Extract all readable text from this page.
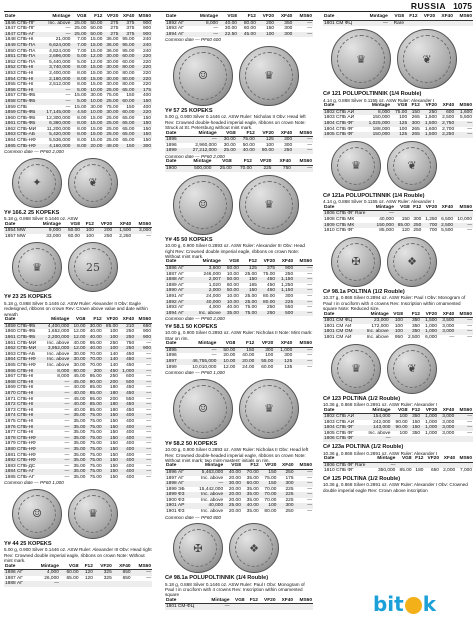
RUSSIA 1075
Date	Mintage	VG8	F12	VF20	XF40	MS60
1846 СПБ-ПГ	Inc. above	25.00	50.00	275	375	900
1847 СПБ-ПГ	—	25.00	50.00	275	375	900
1847 СПБ-АГ	—	25.00	50.00	275	375	900
1848 СПБ-НІ	21,000	7.00	15.00	36.00	95.00	240
1849 СПБ-ПА	6,624,000	7.00	15.00	36.00	95.00	240
1850 СПБ-ПА	4,824,000	7.00	15.00	36.00	95.00	240
1851 СПБ-ПА	2,696,000	5.00	12.00	30.00	60.00	220
1852 СПБ-ПА	5,440,000	5.00	12.00	30.00	60.00	220
1852 СПБ-НІ	3,740,000	8.00	15.00	30.00	80.00	220
1853 СПБ-НІ	2,400,000	8.00	15.00	30.00	80.00	220
1854 СПБ-НІ	2,160,000	8.00	15.00	30.00	80.00	220
1855 СПБ-НІ	2,512,000	8.00	15.00	30.00	80.00	220
1856 СПБ-НІ	—	5.00	10.00	25.00	65.00	175
1857 СПБ-ФБ	—	15.00	30.00	75.00	150	400
1858 СПБ-ФБ	—	5.00	10.00	25.00	60.00	150
1859 СПБ	—	15.00	30.00	75.00	150	400
1859 СПБ-ФБ	17,145,000	4.50	10.00	30.00	60.00	220
1860 СПБ-ФБ	12,300,000	8.00	15.00	25.00	65.00	150
1861 СПБ-ФБ	6,360,000	8.00	15.00	25.00	65.00	150
1862 СПБ-МИ	11,200,000	8.00	15.00	25.00	65.00	150
1863 СПБ-АБ	5,420,000	8.00	15.00	25.00	65.00	150
1864 СПБ-НФ	5,536,000	8.00	15.00	25.00	65.00	150
1865 СПБ-НФ	4,160,000	8.00	20.00	48.00	150	300
Common date — PF60 2,000
✦	❦
Y# 166.2 25 KOPEKS
5.18 g, 0.868 Silver 0.1446 oz. ASW
Date	Mintage	VG8	F12	VF20	XF40	MS60
1854 MW	9,000	50.00	100	200	1,500	3,000
1857 MW	33,000	60.00	100	250	2,250	—
♛	25
Y# 23 25 KOPEKS
5.18 g, 0.868 Silver 0.1446 oz. ASW Ruler: Alexander II Obv: Eagle redesigned, ribbons on crown Rev: Crown above value and date within wreath
Date	Mintage	VG8	F12	VF20	XF40	MS60
1859 СПБ-ФБ	4,400,000	10.00	30.00	85.00	210	650
1860 СПБ-ФБ	1,652,000	12.00	40.00	100	250	900
1861 СПБ-ФБ	2,200,000	12.00	40.00	100	250	900
1861 СПБ-МИ	Inc. above	40.00	95.00	250	750	—
1862 СПБ-МИ	3,952,000	12.00	40.00	100	250	900
1863 СПБ-АБ	Inc. above	30.00	70.00	140	450	—
1864 СПБ-НФ	Inc. above	30.00	70.00	140	450	—
1865 СПБ-НФ	Inc. above	30.00	70.00	140	450	—
1866 СПБ-НІ	8,000	80.00	200	450	1,000	—
1867 СПБ-НІ	8,000	45.00	95.00	250	600	—
1868 СПБ-НІ	—	45.00	90.00	200	500	—
1869 СПБ-НІ	—	40.00	85.00	180	450	—
1870 СПБ-НІ	—	40.00	85.00	180	450	—
1871 СПБ-НІ	—	45.00	95.00	200	550	—
1872 СПБ-НІ	—	40.00	85.00	180	450	—
1873 СПБ-НІ	—	40.00	85.00	180	450	—
1874 СПБ-НІ	—	35.00	75.00	150	400	—
1875 СПБ-НІ	—	35.00	75.00	150	400	—
1876 СПБ-НІ	—	35.00	75.00	150	400	—
1877 СПБ-НІ	—	35.00	75.00	150	400	—
1878 СПБ-НФ	—	35.00	75.00	150	400	—
1879 СПБ-НФ	—	35.00	75.00	150	400	—
1880 СПБ-НФ	—	35.00	75.00	150	400	—
1881 СПБ-НФ	—	35.00	75.00	150	400	—
1882 СПБ-НФ	—	35.00	75.00	150	400	—
1883 СПБ-ДС	—	35.00	75.00	150	400	—
1884 СПБ-АГ	—	35.00	75.00	150	400	—
1885 СПБ-АГ	—	35.00	75.00	150	400	—
Common date — PF60 1,000
☺	♛
Y# 44 25 KOPEKS
5.00 g, 0.900 Silver 0.1446 oz. ASW Ruler: Alexander III Obv: Head right Rev: Crowned double imperial eagle, ribbons on crown Note: Without mint mark.
Date	Mintage	VG8	F12	VF20	XF40	MS60
1886 АГ	4,000	60.00	120	325	650	—
1887 АГ	26,000	65.00	120	325	650	—
1888 АГ	—					
Date	Mintage	VG8	F12	VF20	XF40	MS60
1892 АГ	8,000	40.00	80.00	200	350	—
1893 АГ	—	30.00	60.00	150	300	—
1894 АГ	—	22.50	45.00	100	300	—
Common date — PF60 600
☺	♛
Y# 57 25 KOPEKS
5.00 g, 0.900 Silver 0.1446 oz. ASW Ruler: Nicholas II Obv: Head left Rev: Crowned double-headed imperial eagle, ribbons on crown Note: Struck at St. Petersburg without mint mark.
Date	Mintage	VG8	F12	VF20	XF40	MS60
1895	—	30.00	75.00	125	300	—
1896	2,960,000	30.00	50.00	100	300	—
1899	27,212,000	25.00	40.00	80.00	250	—
Common date — PF60 2,000
Date	Mintage	VG8	F12	VF20	XF40	MS60
1900	500,000	25.00	70.00	225	750	—
☺	♛
Y# 45 50 KOPEKS
10.00 g, 0.900 Silver 0.2893 oz. ASW Ruler: Alexander III Obv: Head right Rev: Crowned double imperial eagle, ribbons on crown Note: Without mint mark.
Date	Mintage	VG8	F12	VF20	XF40	MS60
1886 АГ	3,600	50.00	125	375	900	—
1887 АГ	246,000	10.00	25.00	75.00	250	—
1888 АГ	2,007	50.00	150	450	1,150	—
1889 АГ	1,020	60.00	165	450	1,250	—
1890 АГ	2,000	50.00	150	450	1,150	—
1891 АГ	24,000	10.00	25.00	80.00	300	—
1892 АГ	40,000	10.00	25.00	80.00	225	—
1893 АГ	4,000	40.00	75.00	250	550	—
1894 АГ	Inc. above	35.00	75.00	250	500	—
Common date — PF60 2,000
Y# 58.1 50 KOPEKS
10.00 g, 0.900 Silver 0.2893 oz. ASW Ruler: Nicholas II Note: Mint mark: Star on rim.
Date	Mintage	VG8	F12	VF20	XF40	MS60
1895	—	50.00	150	300	1,000	—
1896	—	20.00	40.00	100	300	—
1897	46,755,000	10.00	20.00	55.00	125	—
1899	10,010,000	12.00	24.00	60.00	135	—
Common date — PF60 1,000
☺	♛
Y# 58.2 50 KOPEKS
10.00 g, 0.900 Silver 0.2893 oz. ASW Ruler: Nicholas II Obv: Head left Rev: Crowned double-headed imperial eagle, ribbons on crown Note: Without mint mark; two mint-masters' initials on rim.
Date	Mintage	VG8	F12	VF20	XF40	MS60
1896 АГ	5,463,000	40.00	70.00	150	250	—
1897 АГ	Inc. above	20.00	35.00	75.00	175	—
1898 АГ	—	30.00	60.00	150	300	—
1899 ЭБ	15,442,000	20.00	35.00	70.00	225	—
1899 ФЗ	Inc. above	20.00	35.00	70.00	225	—
1900 ФЗ	Inc. above	20.00	35.00	70.00	225	—
1901 АР	40,000	25.00	40.00	100	300	—
1901 ФЗ	Inc. above	20.00	35.00	80.00	250	—
Common date — PF60 800
✠	❖
C# 98.1a POLUPOLTINNIK (1/4 Rouble)
5.18 g, 0.868 Silver 0.1446 oz. ASW Ruler: Paul I Obv: Monogram of Paul I in cruciform with 4 crowns Rev: Inscription within ornamented square
Date	Mintage	VG8	F12	VF20	XF40	MS60
1801 СМ-ФЦ	—					
Date	Mintage	VG8	F12	VF20	XF40	MS60
1801 СМ ФЦ	—	Rare				
♛	❦
C# 121 POLUPOLTINNIK (1/4 Rouble)
4.14 g, 0.868 Silver 0.1155 oz. ASW Ruler: Alexander I
Date	Mintage	VG8	F12	VF20	XF40	MS60
1802 СПБ АИ	8,000	75.00	150	250	600	1,600
1803 СПБ АИ	150,000	100	265	1,500	2,500	5,500
1804 СПБ ФГ	1,025,000	125	300	1,500	2,750	—
1804 СПБ ФГ	188,000	100	265	1,600	2,700	—
1805 СПБ ФГ	150,000	125	265	1,500	2,250	—
♛	❦
C# 121a POLUPOLTINNIK (1/4 Rouble)
4.14 g, 0.868 Silver 0.1155 oz. ASW Ruler: Alexander I
Date	Mintage	VG8	F12	VF20	XF40	MS60
1806 СПБ ФГ Rare	—					
1808 СПБ МК	40,000	150	300	1,250	6,500	10,000
1809 СПБ МК	150,000	85.00	250	700	2,500	—
1810 СПБ ФГ	85,000	120	250	700	5,500	—
✠	❖
C# 98.1a POLTINA (1/2 Rouble)
10.37 g, 0.868 Silver 0.2894 oz. ASW Ruler: Paul I Obv: Monogram of Paul I in cruciform with 4 crowns Rev: Inscription within ornamented square Note: Reduced size.
Date	Mintage	VG8	F12	VF20	XF40	MS60
1801 СМ ФЦ	23,000	100	350	1,500	3,500	—
1801 СМ АИ	172,000	100	350	1,000	3,000	—
1801 СМ ОМ	Inc. above	100	350	1,000	3,000	—
1801 СМ АИ	Inc. above	950	2,500	6,000	—	—
♛	❦
C# 123 POLTINA (1/2 Rouble)
10.36 g, 0.868 Silver 0.2891 oz. ASW Ruler: Alexander I
Date	Mintage	VG8	F12	VF20	XF40	MS60
1802 СПБ АИ	154,000	100	350	1,000	3,000	—
1803 СПБ АИ	242,000	90.00	150	1,000	3,000	—
1804 СПБ ФГ	143,000	90.00	150	1,000	3,000	—
1805 СПБ ФГ	Inc. above	100	350	1,000	3,000	—
1806 СПБ ФГ	—					
C# 123a POLTINA (1/2 Rouble)
10.36 g, 0.868 Silver 0.2891 oz. ASW Ruler: Alexander I
Date	Mintage	VG8	F12	VF20	XF40	MS60
1806 СПБ ФГ Rare	—					
1810 СПБ ФГ	350,000	85.00	180	650	2,000	7,000
C# 125 POLTINA (1/2 Rouble)
10.36 g, 0.868 Silver 0.2891 oz. ASW Ruler: Alexander I Obv: Crowned double imperial eagle Rev: Crown above inscription
bit k
